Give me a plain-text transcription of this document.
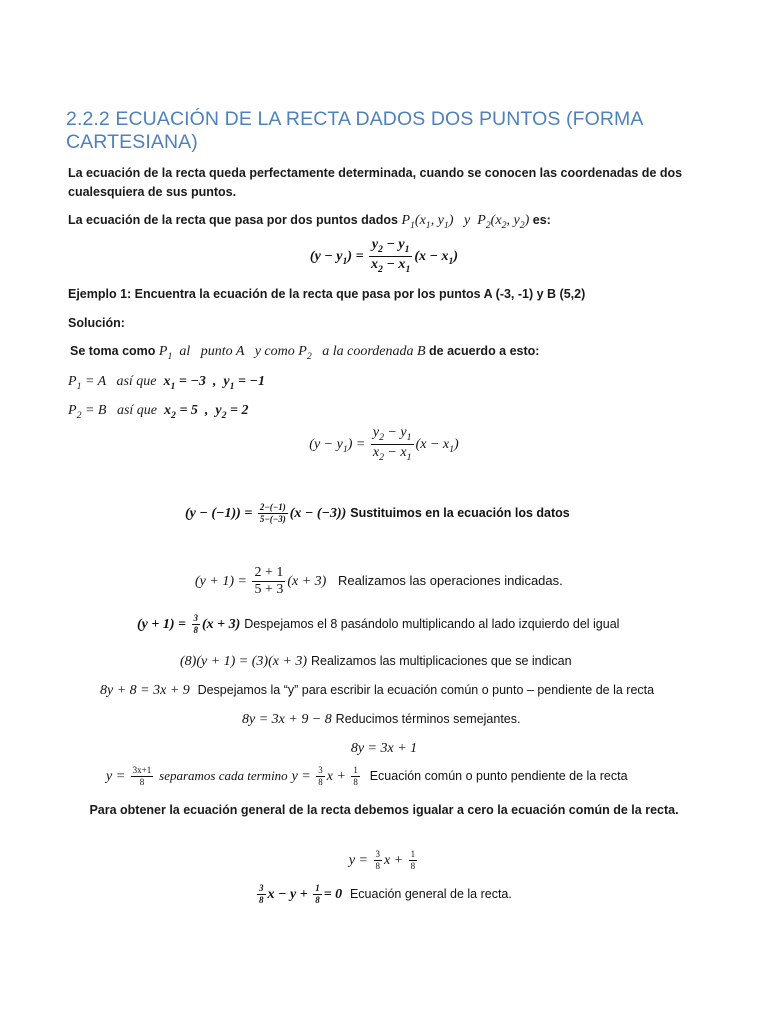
2.2.2 ECUACIÓN DE LA RECTA DADOS DOS PUNTOS (FORMA CARTESIANA)
La ecuación de la recta queda perfectamente determinada, cuando se conocen las coordenadas de dos
cualesquiera de sus puntos.
La ecuación de la recta que pasa por dos puntos dados $P_1(x_1$, $y_1$)   y  $P_2(x_2$, $y_2$) es:
$(y - y_1) = \frac{y_2 - y_1}{x_2 - x_1} (x - x_1)$
Ejemplo 1: Encuentra la ecuación de la recta que pasa por los puntos A (-3, -1) y B (5,2)
Solución:
Se toma como $P_1$  al   punto A   y como $P_2$   a la coordenada B de acuerdo a esto:
$P_1 = A$   así que  $x_1 = -3$  ,  $y_1 = -1$
$P_2 = B$   así que  $x_2 = 5$  ,  $y_2 = 2$
$(y - y_1) = \frac{y_2 - y_1}{x_2 - x_1} (x - x_1)$
$(y - (-1)) = \frac{2-(-1)}{5-(-3)} (x - (-3))$ Sustituimos en la ecuación los datos
$(y + 1) = \frac{2 + 1}{5 + 3} (x + 3)$ Realizamos las operaciones indicadas.
$(y + 1) = \frac{3}{8} (x + 3)$ Despejamos el 8 pasándolo multiplicando al lado izquierdo del igual
(8)(y + 1) = (3)(x + 3) Realizamos las multiplicaciones que se indican
8y + 8 = 3x + 9 Despejamos la “y” para escribir la ecuación común o punto – pendiente de la recta
8y = 3x + 9 − 8 Reducimos términos semejantes.
8y = 3x + 1
$y = \frac{3x+1}{8}$ separamos cada termino $y = \frac{3}{8}$ $x + \frac{1}{8}$ Ecuación común o punto pendiente de la recta
Para obtener la ecuación general de la recta debemos igualar a cero la ecuación común de la recta.
$y = \frac{3}{8}$ $x + \frac{1}{8}$
$\frac{3}{8}$ $x - y + \frac{1}{8} = 0$ Ecuación general de la recta.
